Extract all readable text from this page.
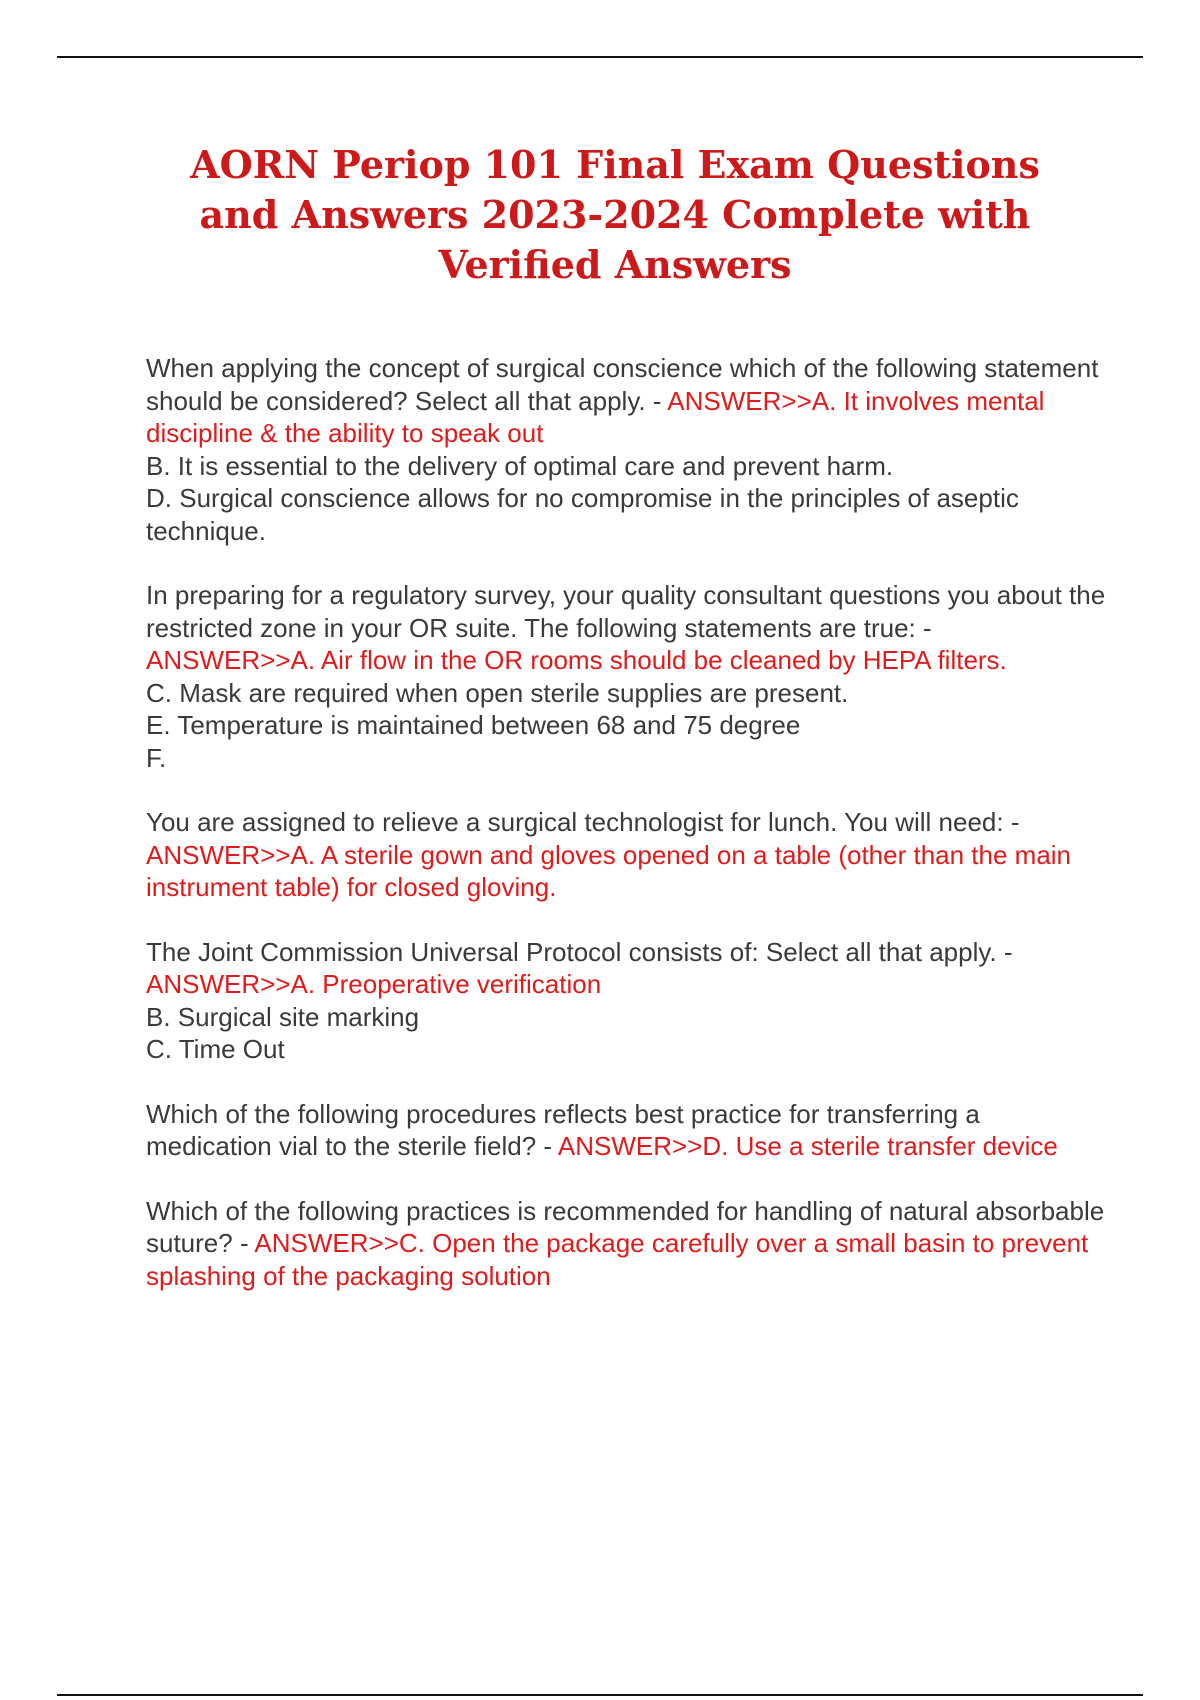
AORN Periop 101 Final Exam Questions and Answers 2023-2024 Complete with Verified Answers

When applying the concept of surgical conscience which of the following statement should be considered? Select all that apply. - ANSWER>>A. It involves mental discipline & the ability to speak out
B. It is essential to the delivery of optimal care and prevent harm.
D. Surgical conscience allows for no compromise in the principles of aseptic technique.

In preparing for a regulatory survey, your quality consultant questions you about the restricted zone in your OR suite. The following statements are true: - ANSWER>>A. Air flow in the OR rooms should be cleaned by HEPA filters.
C. Mask are required when open sterile supplies are present.
E. Temperature is maintained between 68 and 75 degree
F.

You are assigned to relieve a surgical technologist for lunch. You will need: - ANSWER>>A. A sterile gown and gloves opened on a table (other than the main instrument table) for closed gloving.

The Joint Commission Universal Protocol consists of: Select all that apply. - ANSWER>>A. Preoperative verification
B. Surgical site marking
C. Time Out

Which of the following procedures reflects best practice for transferring a medication vial to the sterile field? - ANSWER>>D. Use a sterile transfer device

Which of the following practices is recommended for handling of natural absorbable suture? - ANSWER>>C. Open the package carefully over a small basin to prevent splashing of the packaging solution
